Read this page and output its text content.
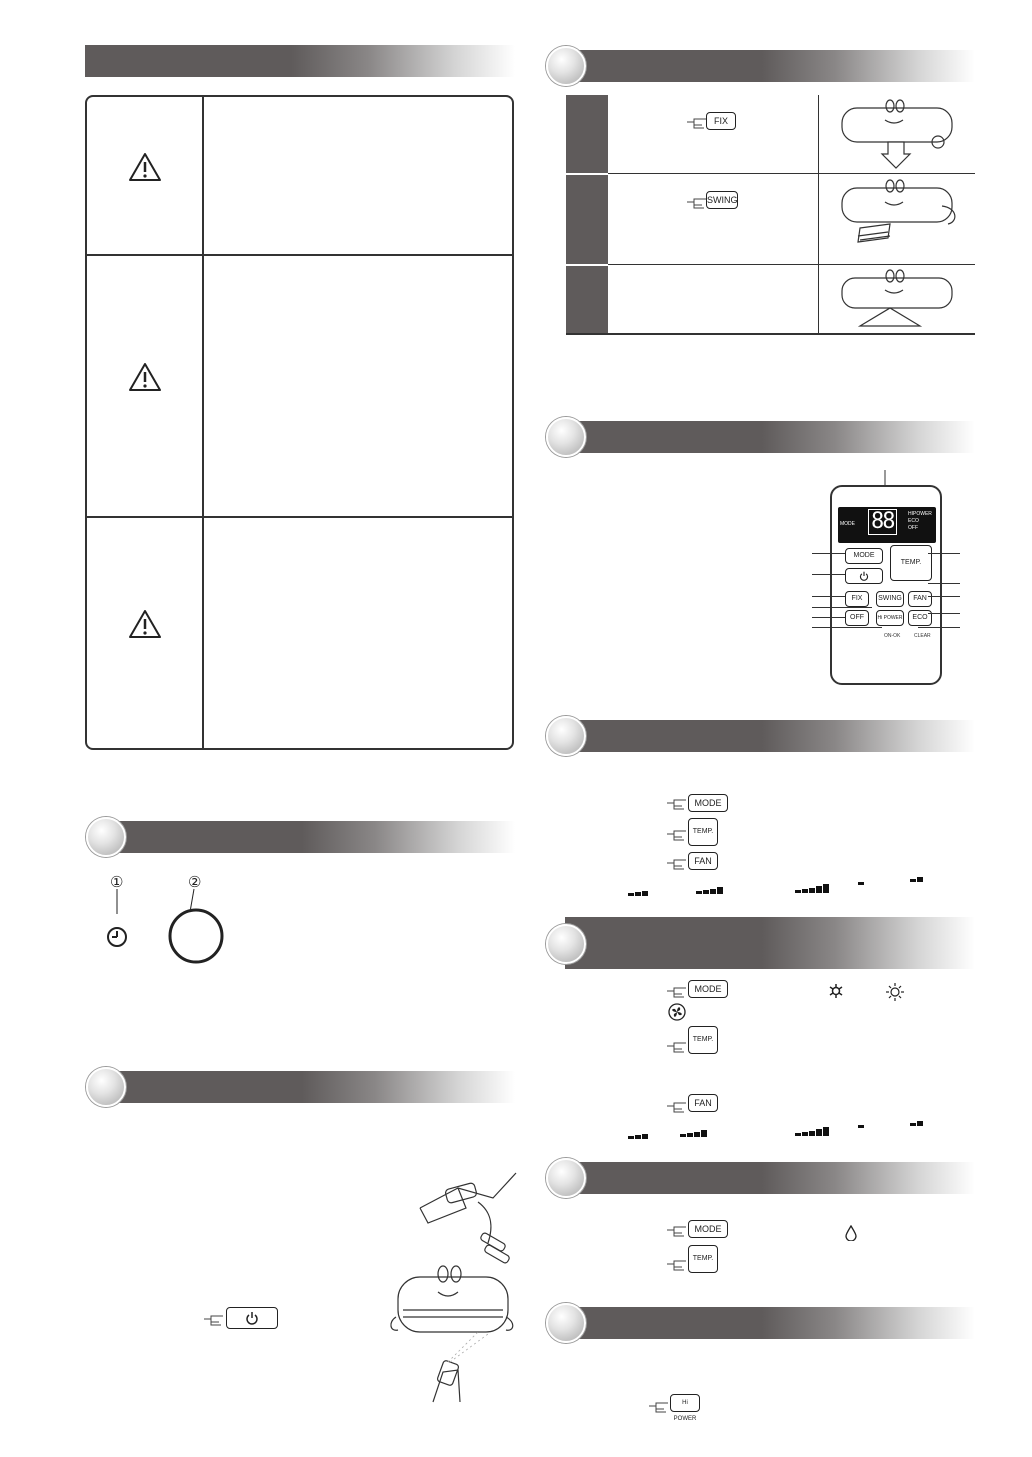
①	②
FIX
SWING
MODE 88	HIPOWER
ECO
OFF
MODE
TEMP.
FIX	SWING	FAN
OFF	Hi POWER	ECO
ON-OK	CLEAR
MODE
TEMP.
FAN
MODE
TEMP.
FAN
MODE
TEMP.
Hi POWER
